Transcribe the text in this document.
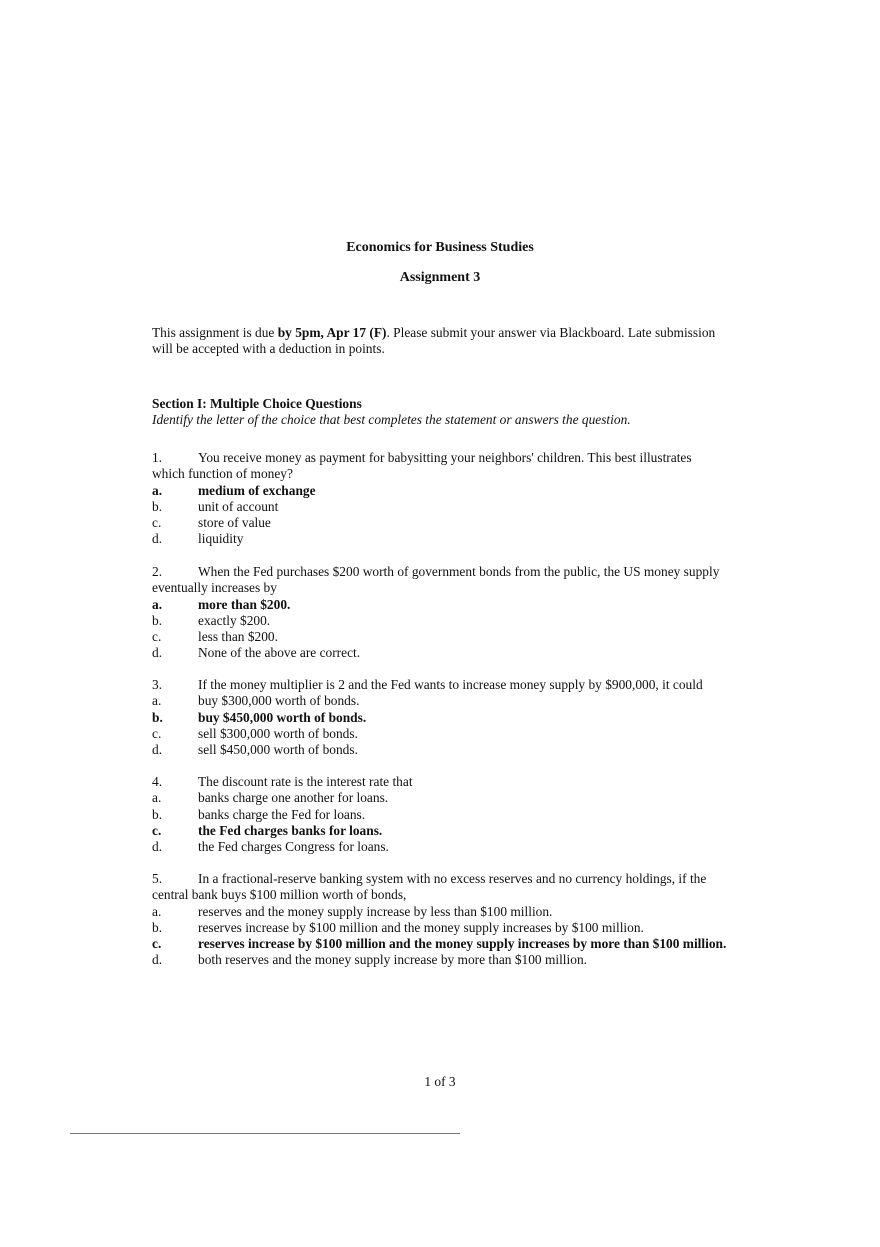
Economics for Business Studies
Assignment 3
This assignment is due by 5pm, Apr 17 (F). Please submit your answer via Blackboard. Late submission will be accepted with a deduction in points.
Section I: Multiple Choice Questions
Identify the letter of the choice that best completes the statement or answers the question.

1.	You receive money as payment for babysitting your neighbors' children. This best illustrates which function of money?

a.	medium of exchange

b.	unit of account

c.	store of value

d.	liquidity

2.	When the Fed purchases $200 worth of government bonds from the public, the US money supply eventually increases by

a.	more than $200.

b.	exactly $200.

c.	less than $200.

d.	None of the above are correct.

3.	If the money multiplier is 2 and the Fed wants to increase money supply by $900,000, it could

a.	buy $300,000 worth of bonds.

b.	buy $450,000 worth of bonds.

c.	sell $300,000 worth of bonds.

d.	sell $450,000 worth of bonds.

4.	The discount rate is the interest rate that

a.	banks charge one another for loans.

b.	banks charge the Fed for loans.

c.	the Fed charges banks for loans.

d.	the Fed charges Congress for loans.

5.	In a fractional-reserve banking system with no excess reserves and no currency holdings, if the central bank buys $100 million worth of bonds,

a.	reserves and the money supply increase by less than $100 million.

b.	reserves increase by $100 million and the money supply increases by $100 million.

c.	reserves increase by $100 million and the money supply increases by more than $100 million.

d.	both reserves and the money supply increase by more than $100 million.

1 of 3
